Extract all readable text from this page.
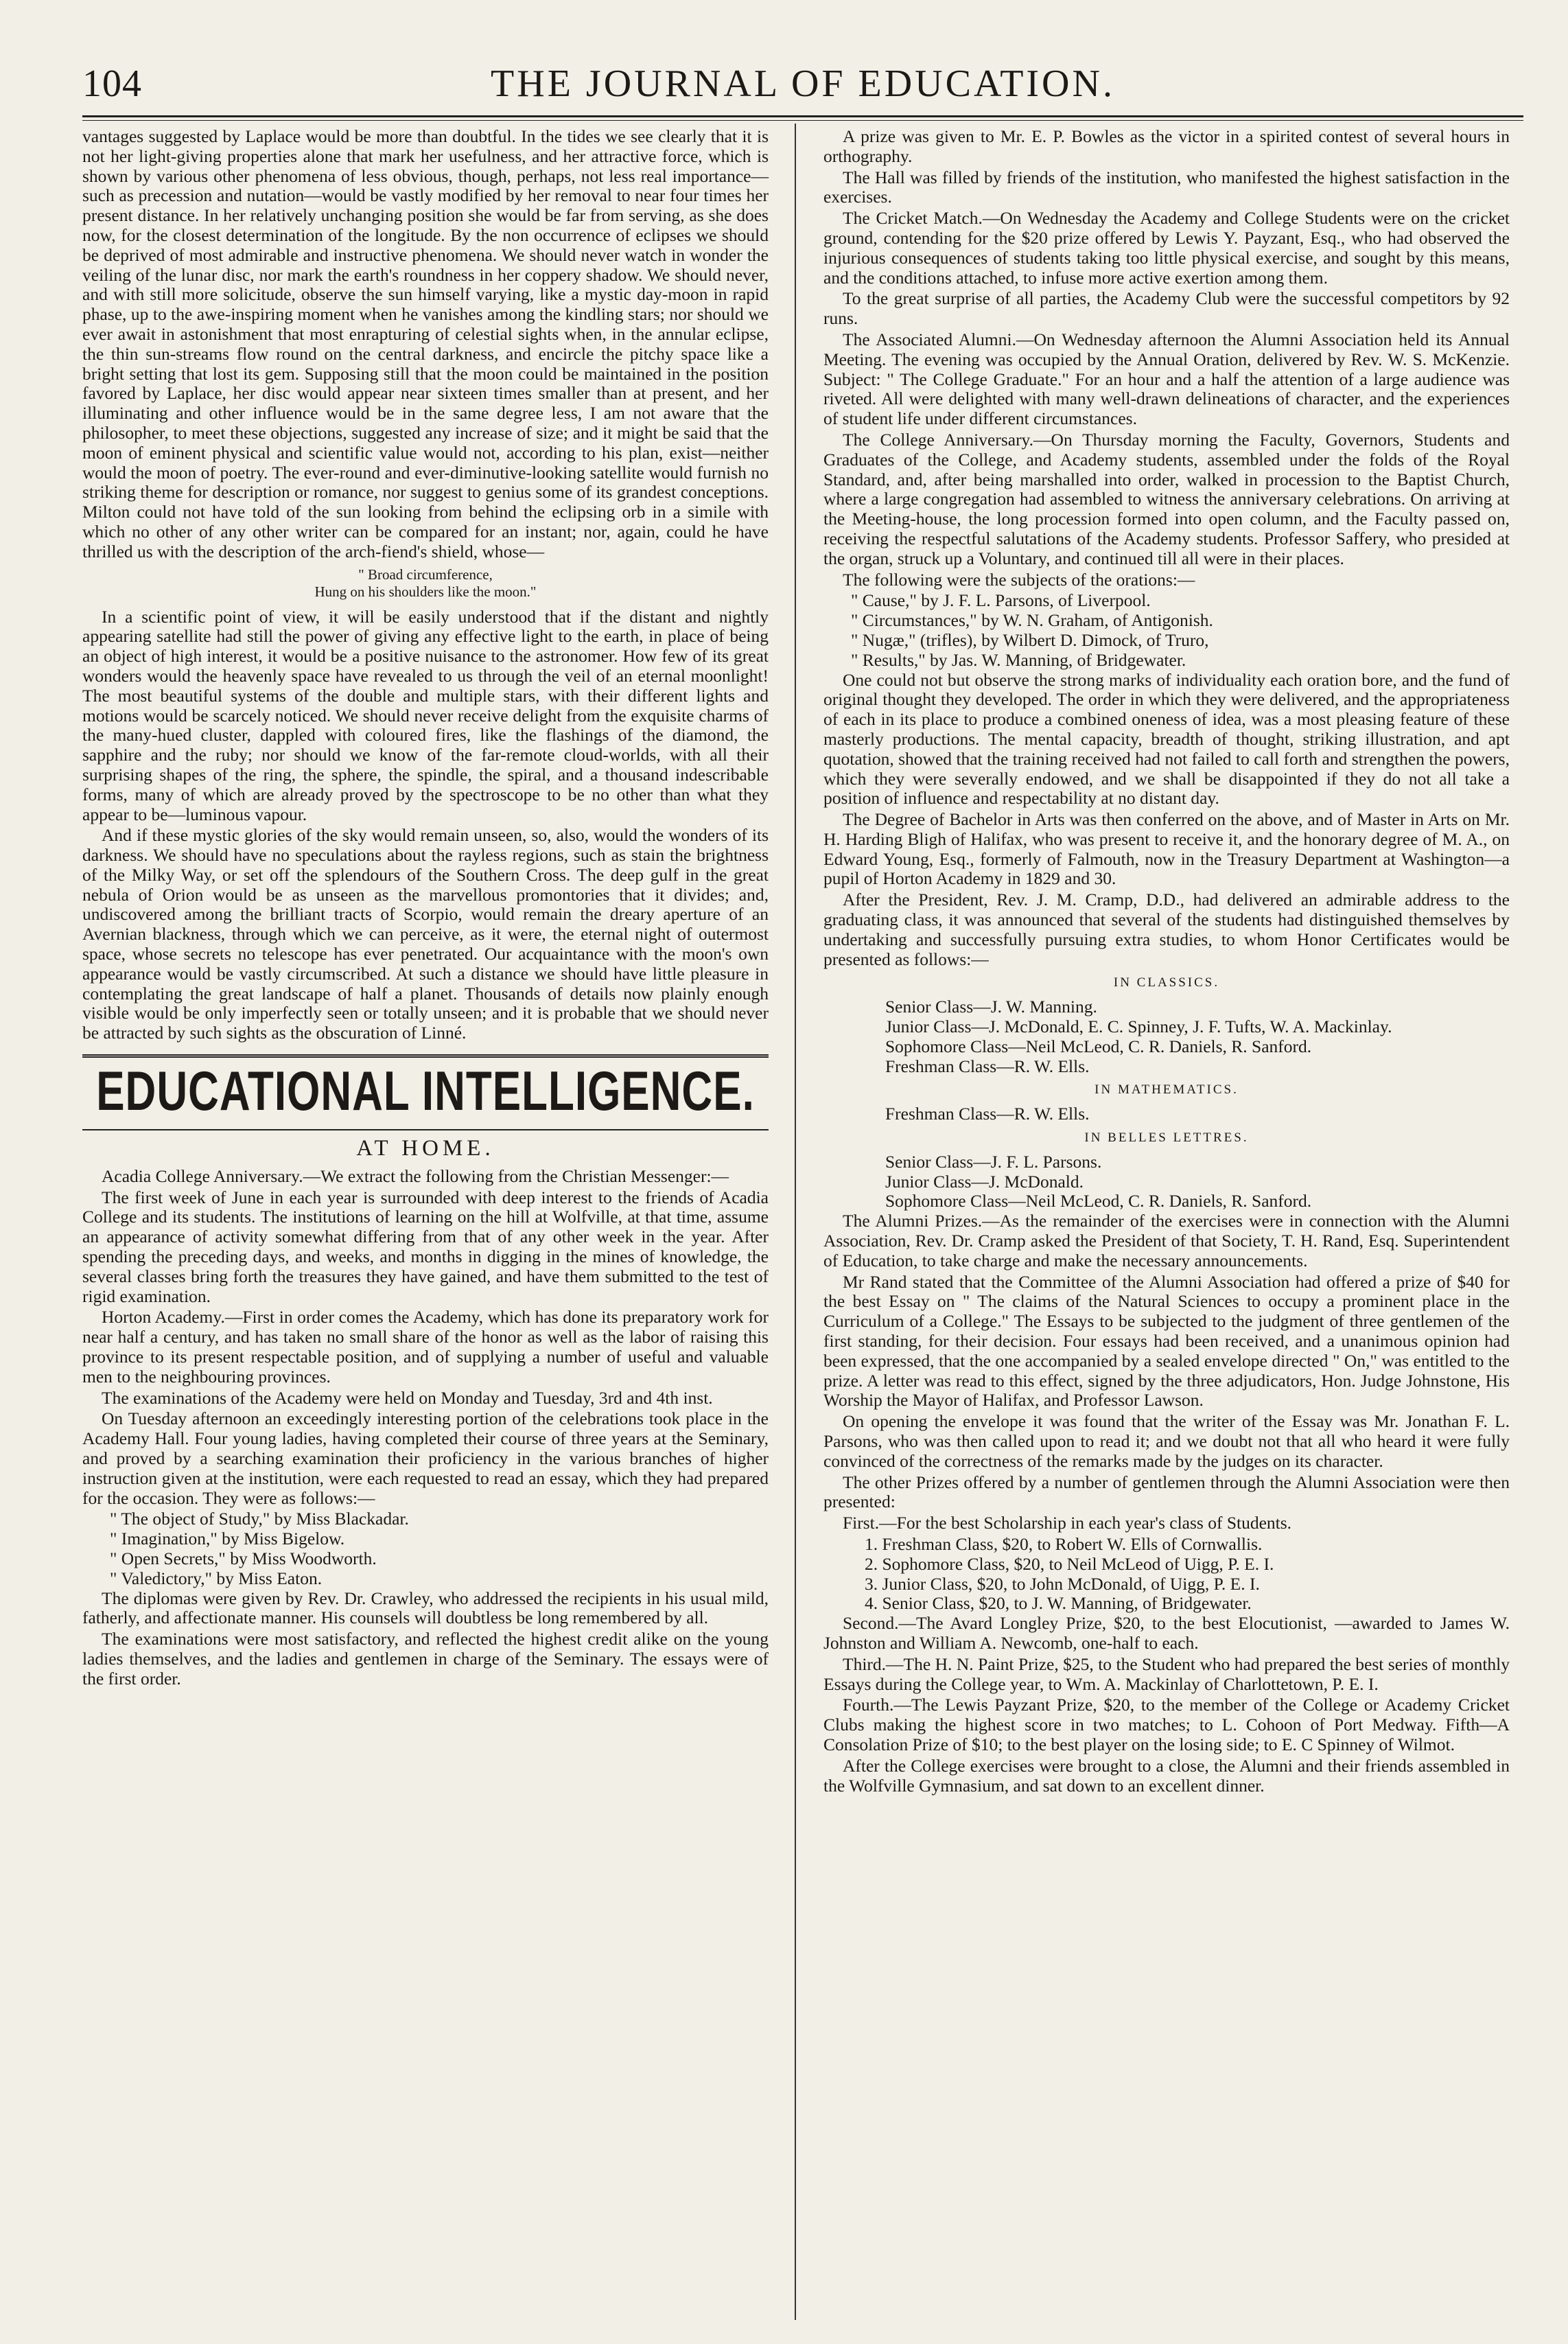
104	THE JOURNAL OF EDUCATION.

vantages suggested by Laplace would be more than doubtful. In the tides we see clearly that it is not her light-giving properties alone that mark her usefulness, and her attractive force, which is shown by various other phenomena of less obvious, though, perhaps, not less real importance—such as precession and nutation—would be vastly modified by her removal to near four times her present distance. In her relatively unchanging position she would be far from serving, as she does now, for the closest determination of the longitude. By the non occurrence of eclipses we should be deprived of most admirable and instructive phenomena. We should never watch in wonder the veiling of the lunar disc, nor mark the earth's roundness in her coppery shadow. We should never, and with still more solicitude, observe the sun himself varying, like a mystic day-moon in rapid phase, up to the awe-inspiring moment when he vanishes among the kindling stars; nor should we ever await in astonishment that most enrapturing of celestial sights when, in the annular eclipse, the thin sun-streams flow round on the central darkness, and encircle the pitchy space like a bright setting that lost its gem. Supposing still that the moon could be maintained in the position favored by Laplace, her disc would appear near sixteen times smaller than at present, and her illuminating and other influence would be in the same degree less, I am not aware that the philosopher, to meet these objections, suggested any increase of size; and it might be said that the moon of eminent physical and scientific value would not, according to his plan, exist—neither would the moon of poetry. The ever-round and ever-diminutive-looking satellite would furnish no striking theme for description or romance, nor suggest to genius some of its grandest conceptions. Milton could not have told of the sun looking from behind the eclipsing orb in a simile with which no other of any other writer can be compared for an instant; nor, again, could he have thrilled us with the description of the arch-fiend's shield, whose—

" Broad circumference,
Hung on his shoulders like the moon."

In a scientific point of view, it will be easily understood that if the distant and nightly appearing satellite had still the power of giving any effective light to the earth, in place of being an object of high interest, it would be a positive nuisance to the astronomer. How few of its great wonders would the heavenly space have revealed to us through the veil of an eternal moonlight! The most beautiful systems of the double and multiple stars, with their different lights and motions would be scarcely noticed. We should never receive delight from the exquisite charms of the many-hued cluster, dappled with coloured fires, like the flashings of the diamond, the sapphire and the ruby; nor should we know of the far-remote cloud-worlds, with all their surprising shapes of the ring, the sphere, the spindle, the spiral, and a thousand indescribable forms, many of which are already proved by the spectroscope to be no other than what they appear to be—luminous vapour.

And if these mystic glories of the sky would remain unseen, so, also, would the wonders of its darkness. We should have no speculations about the rayless regions, such as stain the brightness of the Milky Way, or set off the splendours of the Southern Cross. The deep gulf in the great nebula of Orion would be as unseen as the marvellous promontories that it divides; and, undiscovered among the brilliant tracts of Scorpio, would remain the dreary aperture of an Avernian blackness, through which we can perceive, as it were, the eternal night of outermost space, whose secrets no telescope has ever penetrated. Our acquaintance with the moon's own appearance would be vastly circumscribed. At such a distance we should have little pleasure in contemplating the great landscape of half a planet. Thousands of details now plainly enough visible would be only imperfectly seen or totally unseen; and it is probable that we should never be attracted by such sights as the obscuration of Linné.

EDUCATIONAL INTELLIGENCE.
AT HOME.

Acadia College Anniversary.—We extract the following from the Christian Messenger:—

The first week of June in each year is surrounded with deep interest to the friends of Acadia College and its students. The institutions of learning on the hill at Wolfville, at that time, assume an appearance of activity somewhat differing from that of any other week in the year. After spending the preceding days, and weeks, and months in digging in the mines of knowledge, the several classes bring forth the treasures they have gained, and have them submitted to the test of rigid examination.

Horton Academy.—First in order comes the Academy, which has done its preparatory work for near half a century, and has taken no small share of the honor as well as the labor of raising this province to its present respectable position, and of supplying a number of useful and valuable men to the neighbouring provinces.

The examinations of the Academy were held on Monday and Tuesday, 3rd and 4th inst.

On Tuesday afternoon an exceedingly interesting portion of the celebrations took place in the Academy Hall. Four young ladies, having completed their course of three years at the Seminary, and proved by a searching examination their proficiency in the various branches of higher instruction given at the institution, were each requested to read an essay, which they had prepared for the occasion. They were as follows:—

" The object of Study," by Miss Blackadar.

" Imagination," by Miss Bigelow.

" Open Secrets," by Miss Woodworth.

" Valedictory," by Miss Eaton.

The diplomas were given by Rev. Dr. Crawley, who addressed the recipients in his usual mild, fatherly, and affectionate manner. His counsels will doubtless be long remembered by all.

The examinations were most satisfactory, and reflected the highest credit alike on the young ladies themselves, and the ladies and gentlemen in charge of the Seminary. The essays were of the first order.

A prize was given to Mr. E. P. Bowles as the victor in a spirited contest of several hours in orthography.

The Hall was filled by friends of the institution, who manifested the highest satisfaction in the exercises.

The Cricket Match.—On Wednesday the Academy and College Students were on the cricket ground, contending for the $20 prize offered by Lewis Y. Payzant, Esq., who had observed the injurious consequences of students taking too little physical exercise, and sought by this means, and the conditions attached, to infuse more active exertion among them.

To the great surprise of all parties, the Academy Club were the successful competitors by 92 runs.

The Associated Alumni.—On Wednesday afternoon the Alumni Association held its Annual Meeting. The evening was occupied by the Annual Oration, delivered by Rev. W. S. McKenzie. Subject: " The College Graduate." For an hour and a half the attention of a large audience was riveted. All were delighted with many well-drawn delineations of character, and the experiences of student life under different circumstances.

The College Anniversary.—On Thursday morning the Faculty, Governors, Students and Graduates of the College, and Academy students, assembled under the folds of the Royal Standard, and, after being marshalled into order, walked in procession to the Baptist Church, where a large congregation had assembled to witness the anniversary celebrations. On arriving at the Meeting-house, the long procession formed into open column, and the Faculty passed on, receiving the respectful salutations of the Academy students. Professor Saffery, who presided at the organ, struck up a Voluntary, and continued till all were in their places.

The following were the subjects of the orations:—

" Cause," by J. F. L. Parsons, of Liverpool.

" Circumstances," by W. N. Graham, of Antigonish.

" Nugæ," (trifles), by Wilbert D. Dimock, of Truro,

" Results," by Jas. W. Manning, of Bridgewater.

One could not but observe the strong marks of individuality each oration bore, and the fund of original thought they developed. The order in which they were delivered, and the appropriateness of each in its place to produce a combined oneness of idea, was a most pleasing feature of these masterly productions. The mental capacity, breadth of thought, striking illustration, and apt quotation, showed that the training received had not failed to call forth and strengthen the powers, which they were severally endowed, and we shall be disappointed if they do not all take a position of influence and respectability at no distant day.

The Degree of Bachelor in Arts was then conferred on the above, and of Master in Arts on Mr. H. Harding Bligh of Halifax, who was present to receive it, and the honorary degree of M. A., on Edward Young, Esq., formerly of Falmouth, now in the Treasury Department at Washington—a pupil of Horton Academy in 1829 and 30.

After the President, Rev. J. M. Cramp, D.D., had delivered an admirable address to the graduating class, it was announced that several of the students had distinguished themselves by undertaking and successfully pursuing extra studies, to whom Honor Certificates would be presented as follows:—

IN CLASSICS.

Senior Class—J. W. Manning.

Junior Class—J. McDonald, E. C. Spinney, J. F. Tufts, W. A. Mackinlay.

Sophomore Class—Neil McLeod, C. R. Daniels, R. Sanford.

Freshman Class—R. W. Ells.

IN MATHEMATICS.

Freshman Class—R. W. Ells.

IN BELLES LETTRES.

Senior Class—J. F. L. Parsons.

Junior Class—J. McDonald.

Sophomore Class—Neil McLeod, C. R. Daniels, R. Sanford.

The Alumni Prizes.—As the remainder of the exercises were in connection with the Alumni Association, Rev. Dr. Cramp asked the President of that Society, T. H. Rand, Esq. Superintendent of Education, to take charge and make the necessary announcements.

Mr Rand stated that the Committee of the Alumni Association had offered a prize of $40 for the best Essay on " The claims of the Natural Sciences to occupy a prominent place in the Curriculum of a College." The Essays to be subjected to the judgment of three gentlemen of the first standing, for their decision. Four essays had been received, and a unanimous opinion had been expressed, that the one accompanied by a sealed envelope directed " On," was entitled to the prize. A letter was read to this effect, signed by the three adjudicators, Hon. Judge Johnstone, His Worship the Mayor of Halifax, and Professor Lawson.

On opening the envelope it was found that the writer of the Essay was Mr. Jonathan F. L. Parsons, who was then called upon to read it; and we doubt not that all who heard it were fully convinced of the correctness of the remarks made by the judges on its character.

The other Prizes offered by a number of gentlemen through the Alumni Association were then presented:

First.—For the best Scholarship in each year's class of Students.

1. Freshman Class, $20, to Robert W. Ells of Cornwallis.

2. Sophomore Class, $20, to Neil McLeod of Uigg, P. E. I.

3. Junior Class, $20, to John McDonald, of Uigg, P. E. I.

4. Senior Class, $20, to J. W. Manning, of Bridgewater.

Second.—The Avard Longley Prize, $20, to the best Elocutionist, —awarded to James W. Johnston and William A. Newcomb, one-half to each.

Third.—The H. N. Paint Prize, $25, to the Student who had prepared the best series of monthly Essays during the College year, to Wm. A. Mackinlay of Charlottetown, P. E. I.

Fourth.—The Lewis Payzant Prize, $20, to the member of the College or Academy Cricket Clubs making the highest score in two matches; to L. Cohoon of Port Medway. Fifth—A Consolation Prize of $10; to the best player on the losing side; to E. C Spinney of Wilmot.

After the College exercises were brought to a close, the Alumni and their friends assembled in the Wolfville Gymnasium, and sat down to an excellent dinner.
